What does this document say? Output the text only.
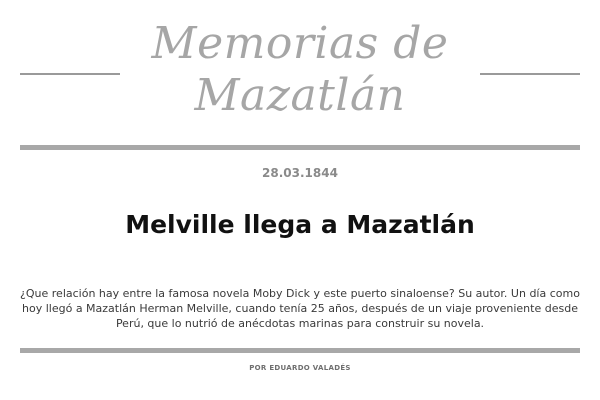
Memorias de
Mazatlán
28.03.1844
Melville llega a Mazatlán

¿Que relación hay entre la famosa novela Moby Dick y este puerto sinaloense? Su autor. Un día como hoy llegó a Mazatlán Herman Melville, cuando tenía 25 años, después de un viaje proveniente desde Perú, que lo nutrió de anécdotas marinas para construir su novela.

POR EDUARDO VALADÉS
